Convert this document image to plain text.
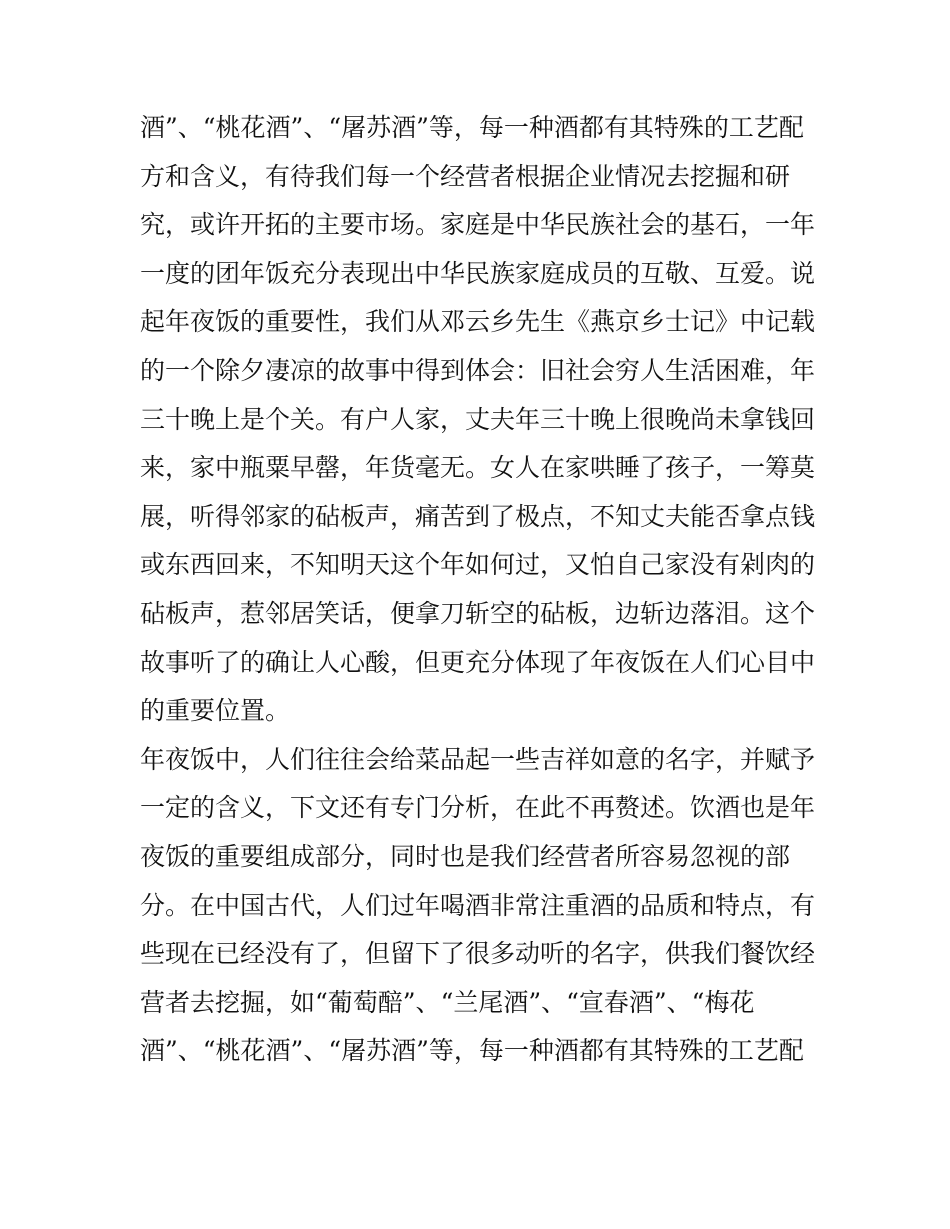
酒”、“桃花酒”、“屠苏酒”等，每一种酒都有其特殊的工艺配
方和含义，有待我们每一个经营者根据企业情况去挖掘和研
究，或许开拓的主要市场。家庭是中华民族社会的基石，一年
一度的团年饭充分表现出中华民族家庭成员的互敬、互爱。说
起年夜饭的重要性，我们从邓云乡先生《燕京乡士记》中记载
的一个除夕凄凉的故事中得到体会：旧社会穷人生活困难，年
三十晚上是个关。有户人家，丈夫年三十晚上很晚尚未拿钱回
来，家中瓶粟早罄，年货毫无。女人在家哄睡了孩子，一筹莫
展，听得邻家的砧板声，痛苦到了极点，不知丈夫能否拿点钱
或东西回来，不知明天这个年如何过，又怕自己家没有剁肉的
砧板声，惹邻居笑话，便拿刀斩空的砧板，边斩边落泪。这个
故事听了的确让人心酸，但更充分体现了年夜饭在人们心目中
的重要位置。
年夜饭中，人们往往会给菜品起一些吉祥如意的名字，并赋予
一定的含义，下文还有专门分析，在此不再赘述。饮酒也是年
夜饭的重要组成部分，同时也是我们经营者所容易忽视的部
分。在中国古代，人们过年喝酒非常注重酒的品质和特点，有
些现在已经没有了，但留下了很多动听的名字，供我们餐饮经
营者去挖掘，如“葡萄醅”、“兰尾酒”、“宣春酒”、“梅花
酒”、“桃花酒”、“屠苏酒”等，每一种酒都有其特殊的工艺配
